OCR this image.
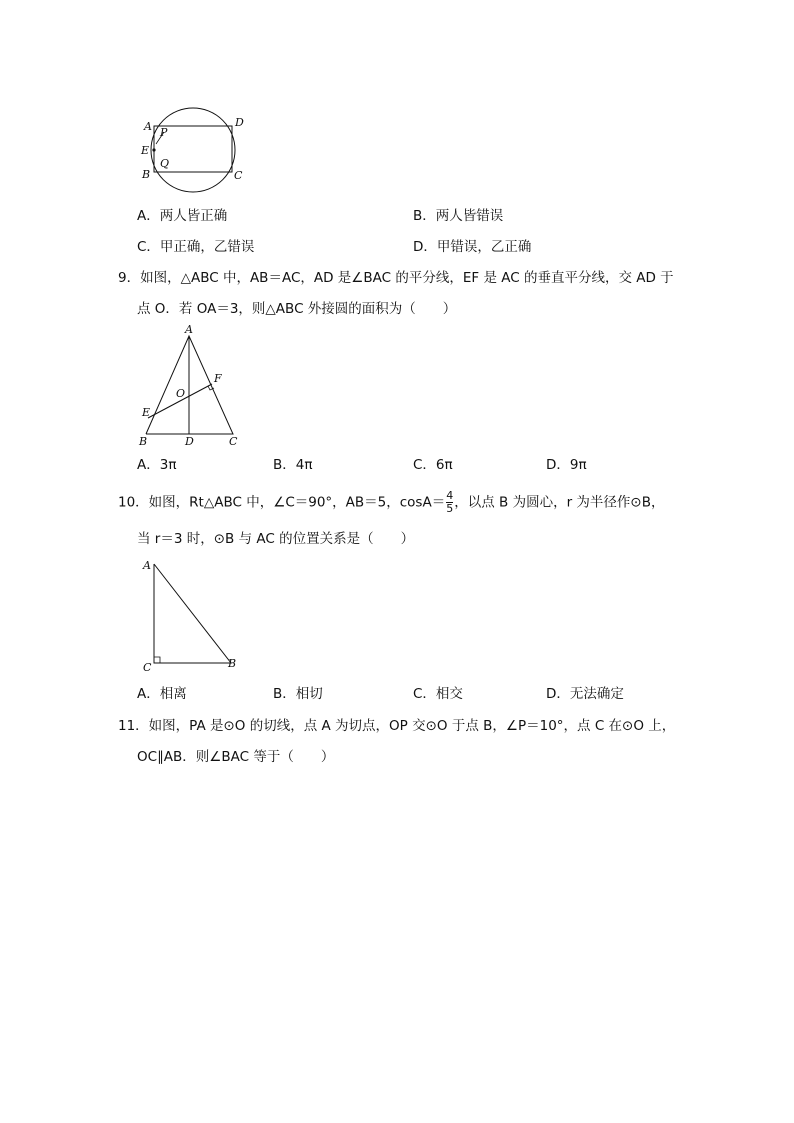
A P
D
E
Q
B	C
A．两人皆正确	B．两人皆错误
C．甲正确，乙错误	D．甲错误，乙正确
9．如图，△ABC 中，AB＝AC，AD 是∠BAC 的平分线，EF 是 AC 的垂直平分线，交 AD 于
点 O．若 OA＝3，则△ABC 外接圆的面积为（　　）
A
F
O
E
B	D	C
A．3π	B．4π	C．6π	D．9π
10．如图，Rt△ABC 中，∠C＝90°，AB＝5，$\cos A= \frac{4}{5}$ ，以点 B 为圆心，r 为半径作⊙B，
当 r＝3 时，⊙B 与 AC 的位置关系是（　　）
A
C	B
A．相离	B．相切	C．相交	D．无法确定
11．如图，PA 是⊙O 的切线，点 A 为切点，OP 交⊙O 于点 B，∠P＝10°，点 C 在⊙O 上，
OC∥AB．则∠BAC 等于（　　）
